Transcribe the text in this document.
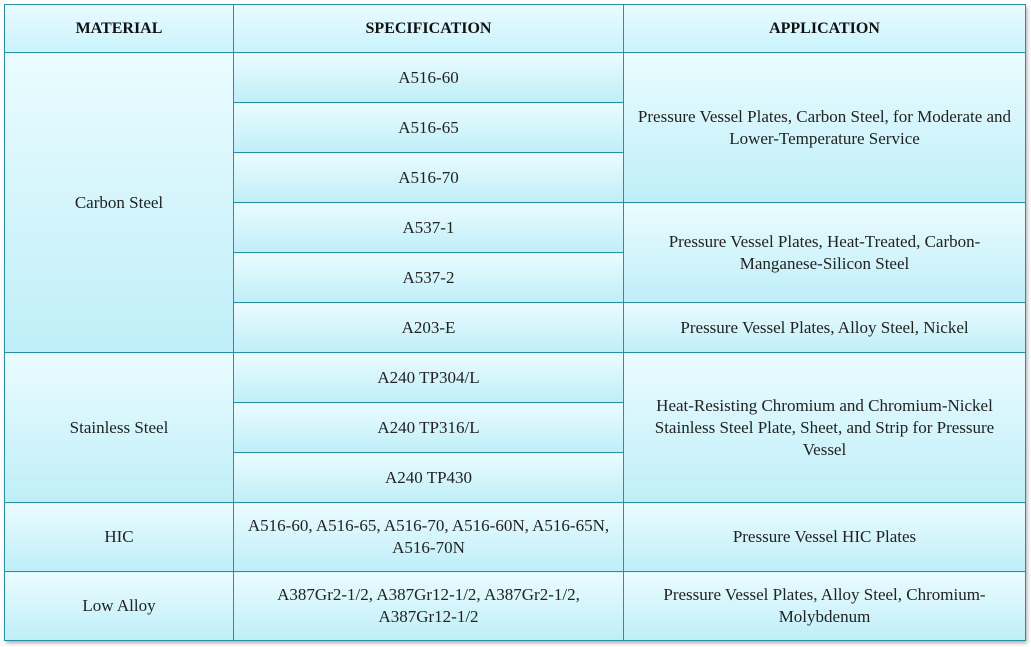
MATERIAL	SPECIFICATION	APPLICATION
Carbon Steel	A516-60	Pressure Vessel Plates, Carbon Steel, for Moderate and Lower-Temperature Service
	A516-65	
	A516-70	
	A537-1	Pressure Vessel Plates, Heat-Treated, Carbon-Manganese-Silicon Steel
	A537-2	
	A203-E	Pressure Vessel Plates, Alloy Steel, Nickel
Stainless Steel	A240 TP304/L	Heat-Resisting Chromium and Chromium-Nickel Stainless Steel Plate, Sheet, and Strip for Pressure Vessel
	A240 TP316/L	
	A240 TP430	
HIC	A516-60, A516-65, A516-70, A516-60N, A516-65N, A516-70N	Pressure Vessel HIC Plates
Low Alloy	A387Gr2-1/2, A387Gr12-1/2, A387Gr2-1/2, A387Gr12-1/2	Pressure Vessel Plates, Alloy Steel, Chromium-Molybdenum
